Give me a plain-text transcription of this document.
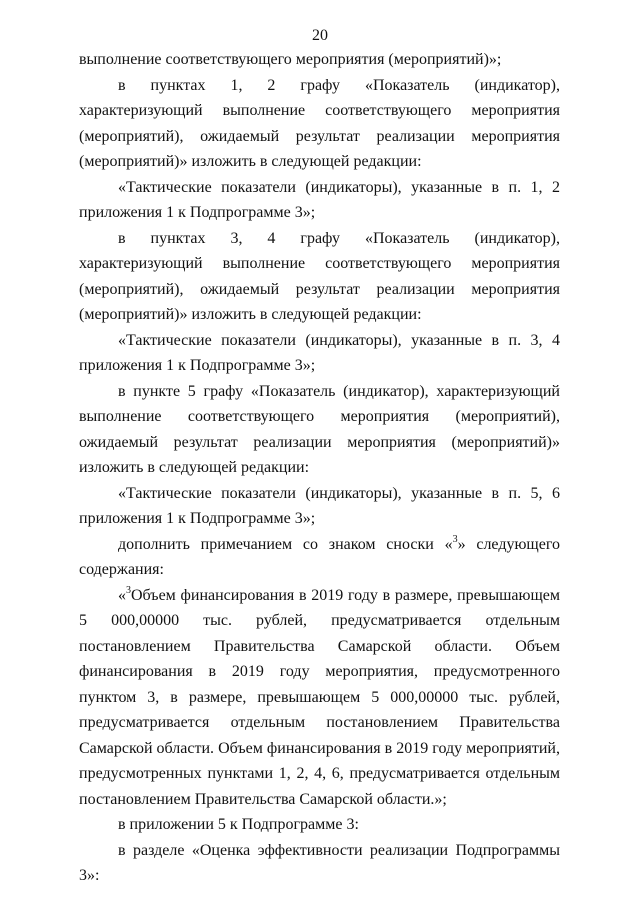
20

выполнение соответствующего мероприятия (мероприятий)»;

в пунктах 1, 2 графу «Показатель (индикатор), характеризующий выполнение соответствующего мероприятия (мероприятий), ожидаемый результат реализации мероприятия (мероприятий)» изложить в следующей редакции:

«Тактические показатели (индикаторы), указанные в п. 1, 2 приложения 1 к Подпрограмме 3»;

в пунктах 3, 4 графу «Показатель (индикатор), характеризующий выполнение соответствующего мероприятия (мероприятий), ожидаемый результат реализации мероприятия (мероприятий)» изложить в следующей редакции:

«Тактические показатели (индикаторы), указанные в п. 3, 4 приложения 1 к Подпрограмме 3»;

в пункте 5 графу «Показатель (индикатор), характеризующий выполнение соответствующего мероприятия (мероприятий), ожидаемый результат реализации мероприятия (мероприятий)» изложить в следующей редакции:

«Тактические показатели (индикаторы), указанные в п. 5, 6 приложения 1 к Подпрограмме 3»;

дополнить примечанием со знаком сноски «$^3$» следующего содержания:

«$^3$Объем финансирования в 2019 году в размере, превышающем 5 000,00000 тыс. рублей, предусматривается отдельным постановлением Правительства Самарской области. Объем финансирования в 2019 году мероприятия, предусмотренного пунктом 3, в размере, превышающем 5 000,00000 тыс. рублей, предусматривается отдельным постановлением Правительства Самарской области. Объем финансирования в 2019 году мероприятий, предусмотренных пунктами 1, 2, 4, 6, предусматривается отдельным постановлением Правительства Самарской области.»;

в приложении 5 к Подпрограмме 3:

в разделе «Оценка эффективности реализации Подпрограммы 3»:
